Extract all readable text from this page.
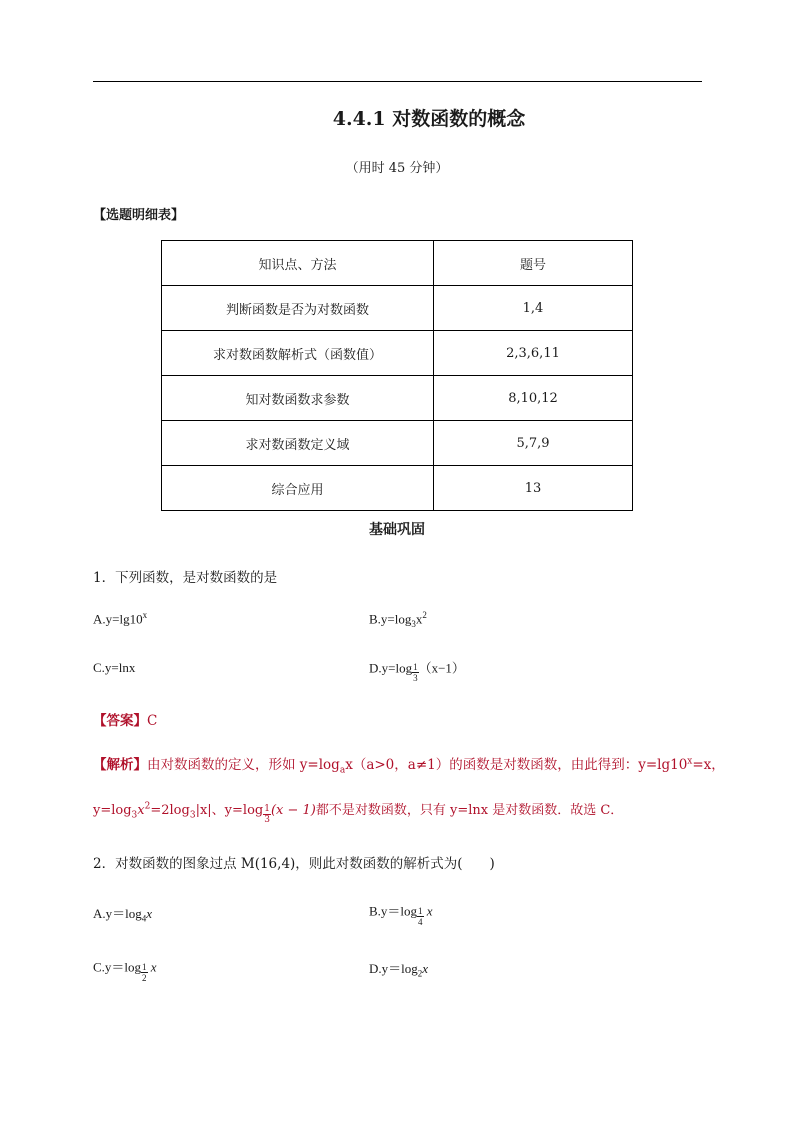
4.4.1 对数函数的概念
（用时 45 分钟）
【选题明细表】
知识点、方法	题号
判断函数是否为对数函数	1,4
求对数函数解析式（函数值）	2,3,6,11
知对数函数求参数	8,10,12
求对数函数定义域	5,7,9
综合应用	13
基础巩固
1．下列函数，是对数函数的是
$A.y=\lg 10^x$	$B.y=\log_3x^2$
C.y=lnx	$D.y=\log \frac{1}{3} (x-1)$
【答案】C
【解析】由对数函数的定义，形如 $y=\log_ax(a>0$，a≠1）的函数是对数函数，由此得到：$y=\lg 10^x=x$，
$y=\log_3x^2=2\log_3|x|$、$y=\log \frac{1}{3} (x - 1)$都不是对数函数，只有 y=lnx 是对数函数．故选 C．
2．对数函数的图象过点 M(16,4)，则此对数函数的解析式为(　　)
$A.y=\log_4x$	$B.y=\log \frac{1}{4}$ x
$C.y=\log \frac{1}{2}$ x	$D.y=\log_2x$
